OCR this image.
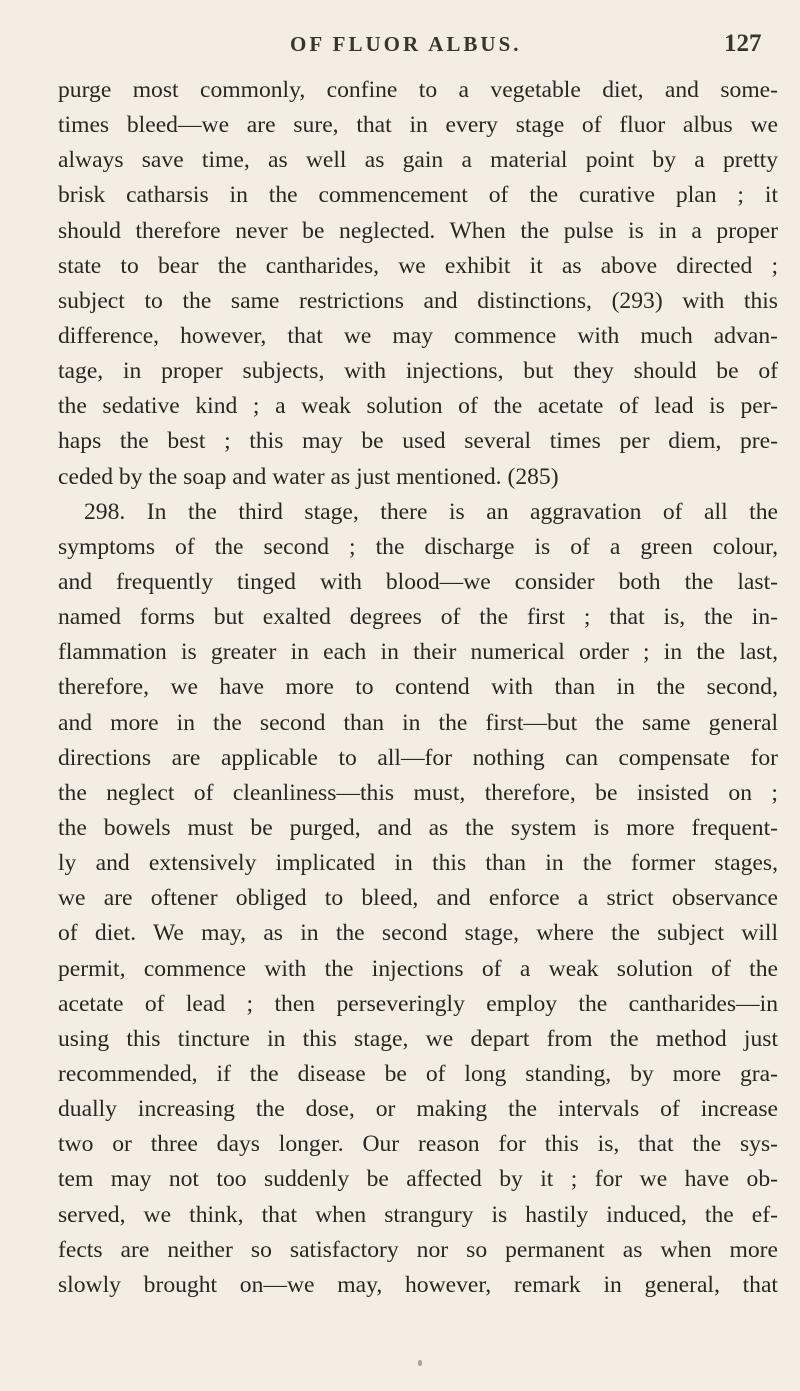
OF FLUOR ALBUS.	127
purge most commonly, confine to a vegetable diet, and some-
times bleed—we are sure, that in every stage of fluor albus we
always save time, as well as gain a material point by a pretty
brisk catharsis in the commencement of the curative plan ; it
should therefore never be neglected. When the pulse is in a proper
state to bear the cantharides, we exhibit it as above directed ;
subject to the same restrictions and distinctions, (293) with this
difference, however, that we may commence with much advan-
tage, in proper subjects, with injections, but they should be of
the sedative kind ; a weak solution of the acetate of lead is per-
haps the best ; this may be used several times per diem, pre-
ceded by the soap and water as just mentioned. (285)
298. In the third stage, there is an aggravation of all the
symptoms of the second ; the discharge is of a green colour,
and frequently tinged with blood—we consider both the last-
named forms but exalted degrees of the first ; that is, the in-
flammation is greater in each in their numerical order ; in the last,
therefore, we have more to contend with than in the second,
and more in the second than in the first—but the same general
directions are applicable to all—for nothing can compensate for
the neglect of cleanliness—this must, therefore, be insisted on ;
the bowels must be purged, and as the system is more frequent-
ly and extensively implicated in this than in the former stages,
we are oftener obliged to bleed, and enforce a strict observance
of diet. We may, as in the second stage, where the subject will
permit, commence with the injections of a weak solution of the
acetate of lead ; then perseveringly employ the cantharides—in
using this tincture in this stage, we depart from the method just
recommended, if the disease be of long standing, by more gra-
dually increasing the dose, or making the intervals of increase
two or three days longer. Our reason for this is, that the sys-
tem may not too suddenly be affected by it ; for we have ob-
served, we think, that when strangury is hastily induced, the ef-
fects are neither so satisfactory nor so permanent as when more
slowly brought on—we may, however, remark in general, that
